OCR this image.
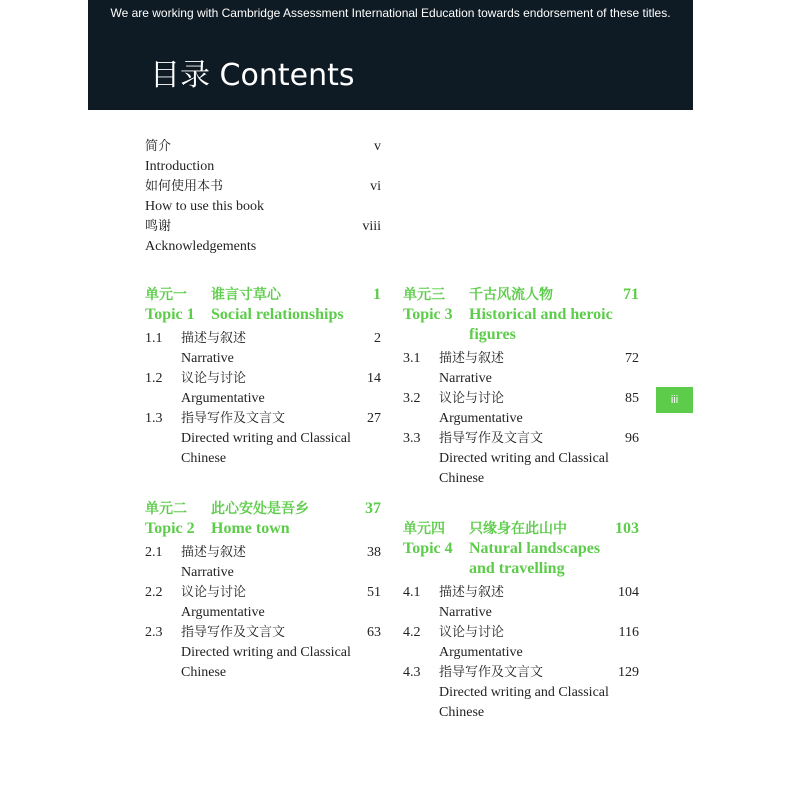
We are working with Cambridge Assessment International Education towards endorsement of these titles.
目录 Contents
简介	v
Introduction
如何使用本书	vi
How to use this book
鸣谢	viii
Acknowledgements
单元一 谁言寸草心	1
Topic 1 Social relationships
1.1 描述与叙述	2
Narrative
1.2 议论与讨论	14
Argumentative
1.3 指导写作及文言文	27
Directed writing and Classical
Chinese
单元二 此心安处是吾乡	37
Topic 2 Home town
2.1 描述与叙述	38
Narrative
2.2 议论与讨论	51
Argumentative
2.3 指导写作及文言文	63
Directed writing and Classical
Chinese
单元三 千古风流人物	71
Topic 3 Historical and heroic
figures
3.1 描述与叙述	72
Narrative
3.2 议论与讨论	85
Argumentative
3.3 指导写作及文言文	96
Directed writing and Classical
Chinese
单元四 只缘身在此山中	103
Topic 4 Natural landscapes
and travelling
4.1 描述与叙述	104
Narrative
4.2 议论与讨论	116
Argumentative
4.3 指导写作及文言文	129
Directed writing and Classical
Chinese
iii
